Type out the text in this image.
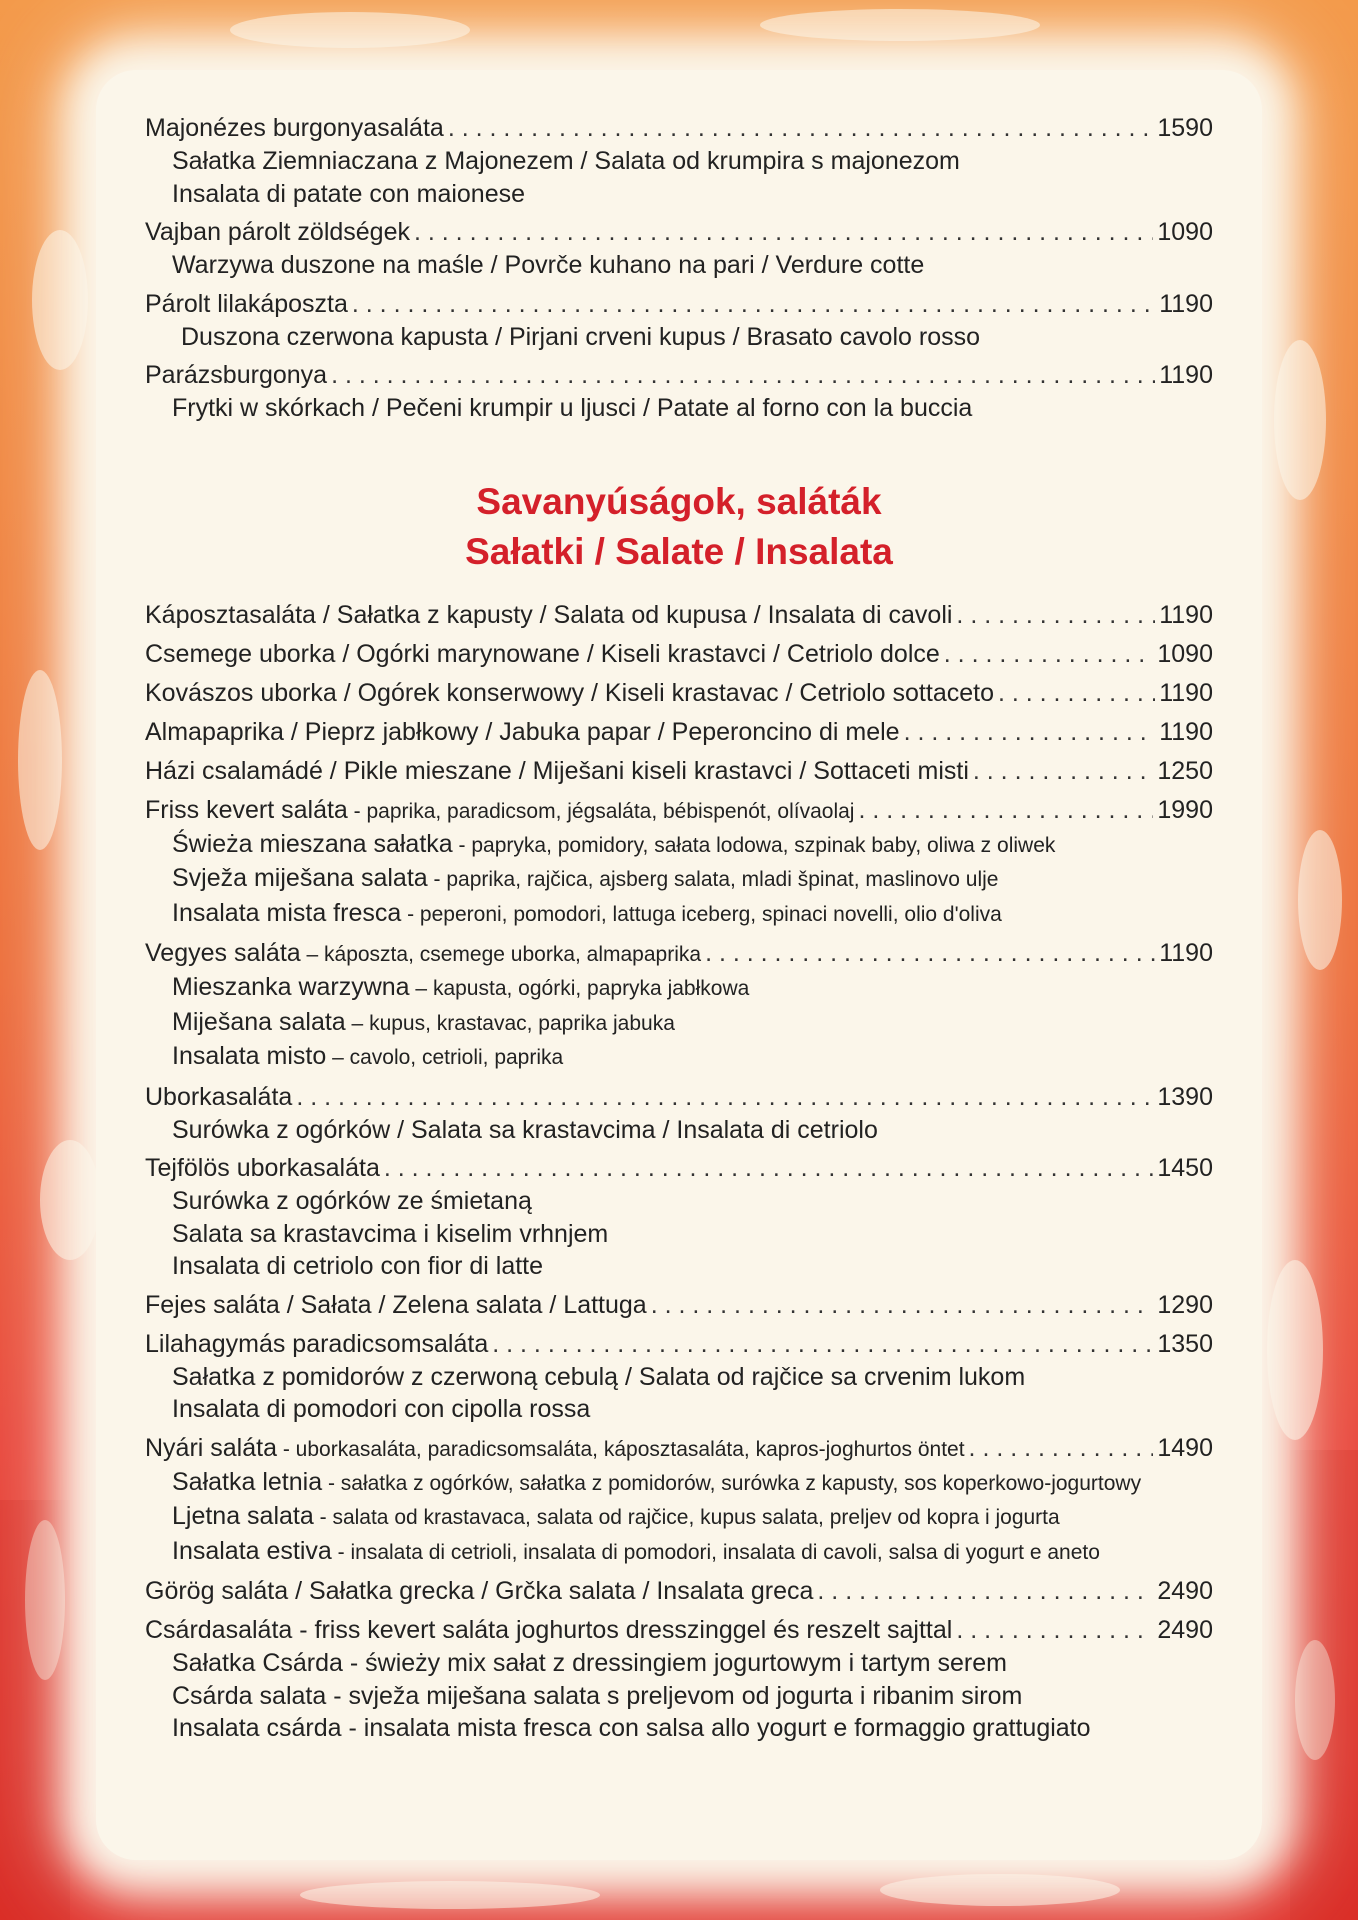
Majonézes burgonyasaláta . . .	1590
Sałatka Ziemniaczana z Majonezem / Salata od krumpira s majonezom
Insalata di patate con maionese
Vajban párolt zöldségek . . .	1090
Warzywa duszone na maśle / Povrče kuhano na pari / Verdure cotte
Párolt lilakáposzta . . .	1190
Duszona czerwona kapusta / Pirjani crveni kupus / Brasato cavolo rosso
Parázsburgonya . . .	1190
Frytki w skórkach / Pečeni krumpir u ljusci / Patate al forno con la buccia
Savanyúságok, saláták
Sałatki / Salate / Insalata
Káposztasaláta / Sałatka z kapusty / Salata od kupusa / Insalata di cavoli . . .	1190
Csemege uborka / Ogórki marynowane / Kiseli krastavci / Cetriolo dolce . . .	1090
Kovászos uborka / Ogórek konserwowy / Kiseli krastavac / Cetriolo sottaceto . . .	1190
Almapaprika / Pieprz jabłkowy / Jabuka papar / Peperoncino di mele . . .	1190
Házi csalamádé / Pikle mieszane / Miješani kiseli krastavci / Sottaceti misti . . .	1250
Friss kevert saláta - paprika, paradicsom, jégsaláta, bébispenót, olívaolaj . . .	1990
Świeża mieszana sałatka - papryka, pomidory, sałata lodowa, szpinak baby, oliwa z oliwek
Svježa miješana salata - paprika, rajčica, ajsberg salata, mladi špinat, maslinovo ulje
Insalata mista fresca - peperoni, pomodori, lattuga iceberg, spinaci novelli, olio d'oliva
Vegyes saláta – káposzta, csemege uborka, almapaprika . . .	1190
Mieszanka warzywna – kapusta, ogórki, papryka jabłkowa
Miješana salata – kupus, krastavac, paprika jabuka
Insalata misto – cavolo, cetrioli, paprika
Uborkasaláta . . .	1390
Surówka z ogórków / Salata sa krastavcima / Insalata di cetriolo
Tejfölös uborkasaláta . . .	1450
Surówka z ogórków ze śmietaną
Salata sa krastavcima i kiselim vrhnjem
Insalata di cetriolo con fior di latte
Fejes saláta / Sałata / Zelena salata / Lattuga . . .	1290
Lilahagymás paradicsomsaláta . . .	1350
Sałatka z pomidorów z czerwoną cebulą / Salata od rajčice sa crvenim lukom
Insalata di pomodori con cipolla rossa
Nyári saláta - uborkasaláta, paradicsomsaláta, káposztasaláta, kapros-joghurtos öntet . . .	1490
Sałatka letnia - sałatka z ogórków, sałatka z pomidorów, surówka z kapusty, sos koperkowo-jogurtowy
Ljetna salata - salata od krastavaca, salata od rajčice, kupus salata, preljev od kopra i jogurta
Insalata estiva - insalata di cetrioli, insalata di pomodori, insalata di cavoli, salsa di yogurt e aneto
Görög saláta / Sałatka grecka / Grčka salata / Insalata greca . . .	2490
Csárdasaláta - friss kevert saláta joghurtos dresszinggel és reszelt sajttal . . .	2490
Sałatka Csárda - świeży mix sałat z dressingiem jogurtowym i tartym serem
Csárda salata - svježa miješana salata s preljevom od jogurta i ribanim sirom
Insalata csárda - insalata mista fresca con salsa allo yogurt e formaggio grattugiato
